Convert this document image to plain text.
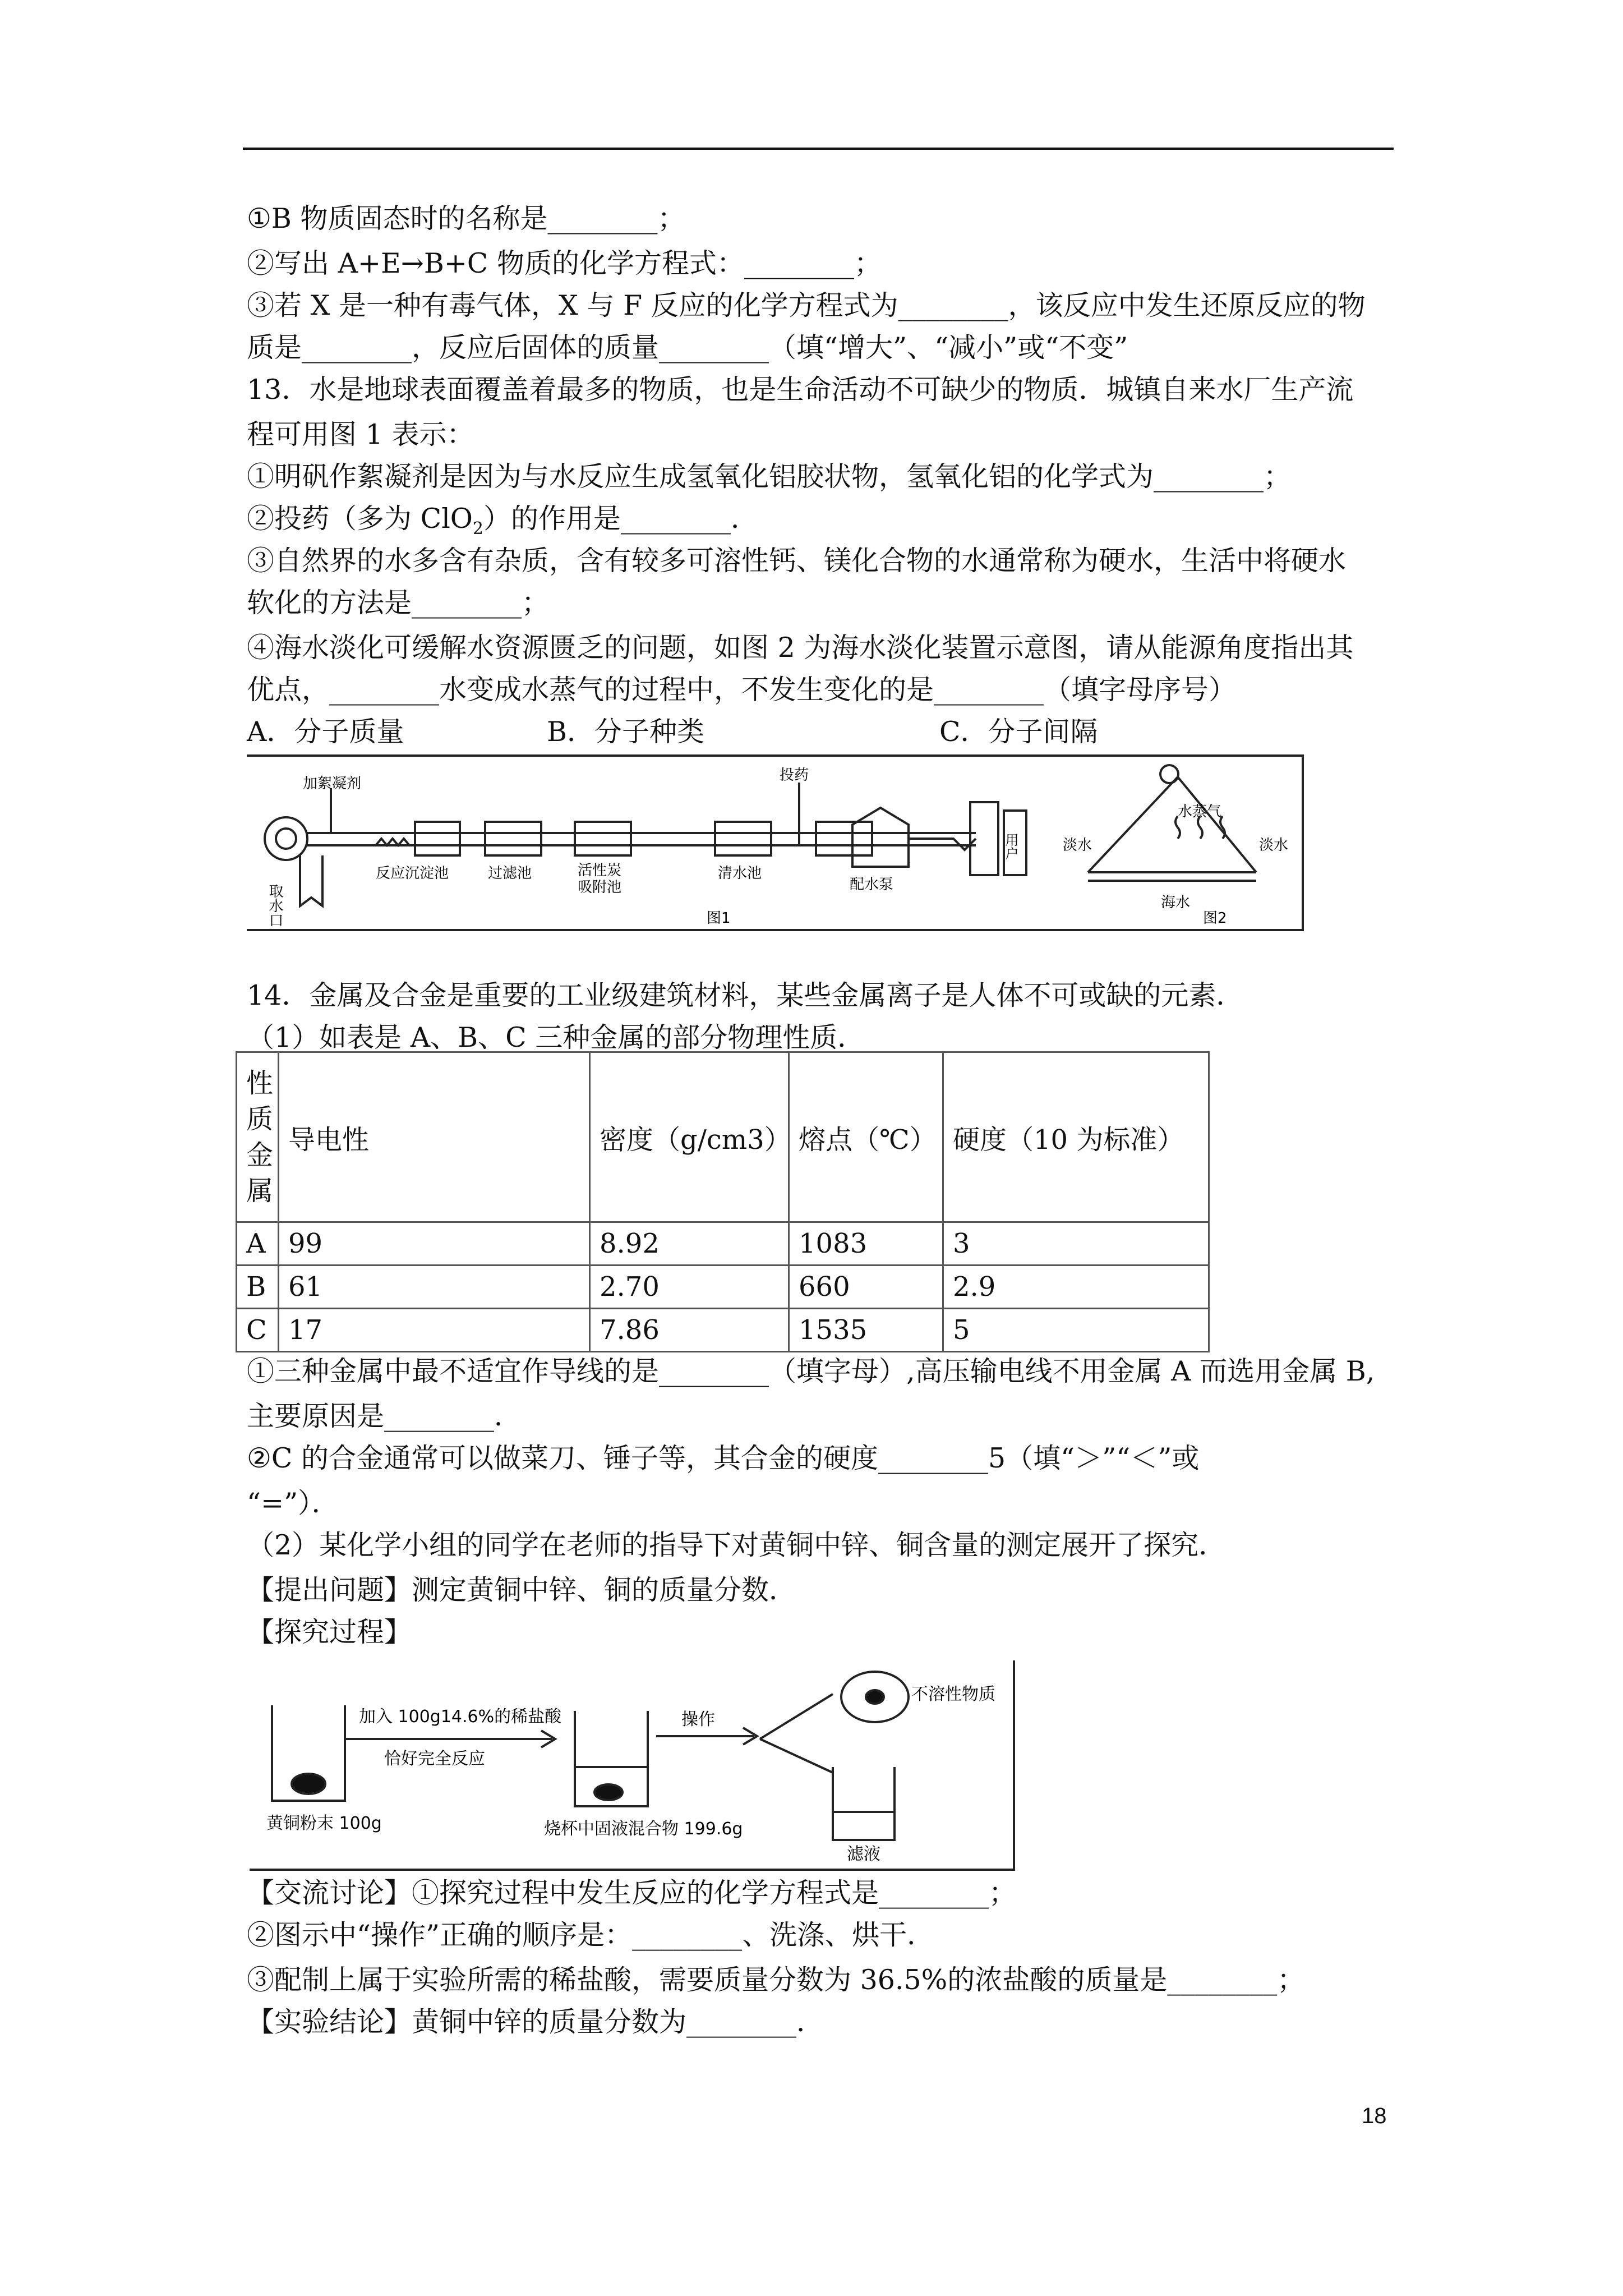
①B 物质固态时的名称是________；
②写出 A+E→B+C 物质的化学方程式：________；
③若 X 是一种有毒气体，X 与 F 反应的化学方程式为________，该反应中发生还原反应的物
质是________，反应后固体的质量________（填“增大”、“减小”或“不变”
13．水是地球表面覆盖着最多的物质，也是生命活动不可缺少的物质．城镇自来水厂生产流
程可用图 1 表示：
①明矾作絮凝剂是因为与水反应生成氢氧化铝胶状物，氢氧化铝的化学式为________；
②投药（多为 ClO$_2$）的作用是________．
③自然界的水多含有杂质，含有较多可溶性钙、镁化合物的水通常称为硬水，生活中将硬水
软化的方法是________；
④海水淡化可缓解水资源匮乏的问题，如图 2 为海水淡化装置示意图，请从能源角度指出其
优点，________水变成水蒸气的过程中，不发生变化的是________（填字母序号）
A．分子质量	B．分子种类	C．分子间隔
取水口
加絮凝剂	投药
反应沉淀池	过滤池	活性炭
吸附池
清水池
配水泵
用户
图1
淡水
水蒸气
淡水
海水
图2
14．金属及合金是重要的工业级建筑材料，某些金属离子是人体不可或缺的元素．
（1）如表是 A、B、C 三种金属的部分物理性质．
性质金属	导电性	密度（g/cm3）	熔点（℃）	硬度（10 为标准）
A	99	8.92	1083	3
B	61	2.70	660	2.9
C	17	7.86	1535	5
①三种金属中最不适宜作导线的是________（填字母）,高压输电线不用金属 A 而选用金属 B,
主要原因是________．
②C 的合金通常可以做菜刀、锤子等，其合金的硬度________5（填“＞”“＜”或
“=”）．
（2）某化学小组的同学在老师的指导下对黄铜中锌、铜含量的测定展开了探究．
【提出问题】测定黄铜中锌、铜的质量分数．
【探究过程】
加入 100g14.6%的稀盐酸
恰好完全反应
黄铜粉末 100g	烧杯中固液混合物 199.6g
操作
不溶性物质
滤液
【交流讨论】①探究过程中发生反应的化学方程式是________；
②图示中“操作”正确的顺序是：________、洗涤、烘干．
③配制上属于实验所需的稀盐酸，需要质量分数为 36.5%的浓盐酸的质量是________；
【实验结论】黄铜中锌的质量分数为________．
18
